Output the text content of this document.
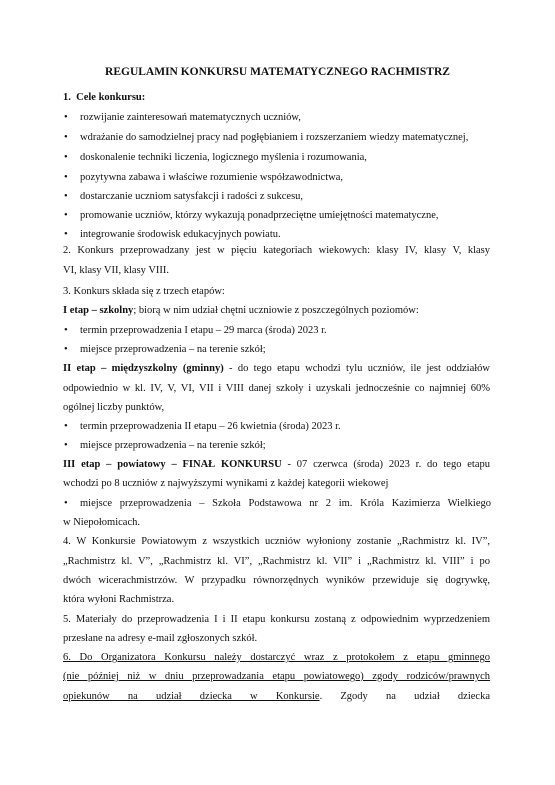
REGULAMIN KONKURSU MATEMATYCZNEGO RACHMISTRZ
1. Cele konkursu:
• rozwijanie zainteresowań matematycznych uczniów,
• wdrażanie do samodzielnej pracy nad pogłębianiem i rozszerzaniem wiedzy matematycznej,
• doskonalenie techniki liczenia, logicznego myślenia i rozumowania,
• pozytywna zabawa i właściwe rozumienie współzawodnictwa,
• dostarczanie uczniom satysfakcji i radości z sukcesu,
• promowanie uczniów, którzy wykazują ponadprzeciętne umiejętności matematyczne,
• integrowanie środowisk edukacyjnych powiatu.
2. Konkurs przeprowadzany jest w pięciu kategoriach wiekowych: klasy IV, klasy V, klasy
VI, klasy VII, klasy VIII.
3. Konkurs składa się z trzech etapów:
I etap – szkolny; biorą w nim udział chętni uczniowie z poszczególnych poziomów:
• termin przeprowadzenia I etapu – 29 marca (środa) 2023 r.
• miejsce przeprowadzenia – na terenie szkół;
II etap – międzyszkolny (gminny) - do tego etapu wchodzi tylu uczniów, ile jest oddziałów
odpowiednio w kl. IV, V, VI, VII i VIII danej szkoły i uzyskali jednocześnie co najmniej 60%
ogólnej liczby punktów,
• termin przeprowadzenia II etapu – 26 kwietnia (środa) 2023 r.
• miejsce przeprowadzenia – na terenie szkół;
III etap – powiatowy – FINAŁ KONKURSU - 07 czerwca (środa) 2023 r. do tego etapu
wchodzi po 8 uczniów z najwyższymi wynikami z każdej kategorii wiekowej
• miejsce przeprowadzenia – Szkoła Podstawowa nr 2 im. Króla Kazimierza Wielkiego
w Niepołomicach.
4. W Konkursie Powiatowym z wszystkich uczniów wyłoniony zostanie „Rachmistrz kl. IV”,
„Rachmistrz kl. V”, „Rachmistrz kl. VI”, „Rachmistrz kl. VII” i „Rachmistrz kl. VIII” i po
dwóch wicerachmistrzów. W przypadku równorzędnych wyników przewiduje się dogrywkę,
która wyłoni Rachmistrza.
5. Materiały do przeprowadzenia I i II etapu konkursu zostaną z odpowiednim wyprzedzeniem
przesłane na adresy e-mail zgłoszonych szkół.
6. Do Organizatora Konkursu należy dostarczyć wraz z protokołem z etapu gminnego
(nie później niż w dniu przeprowadzania etapu powiatowego) zgody rodziców/prawnych
opiekunów na udział dziecka w Konkursie. Zgody na udział dziecka
